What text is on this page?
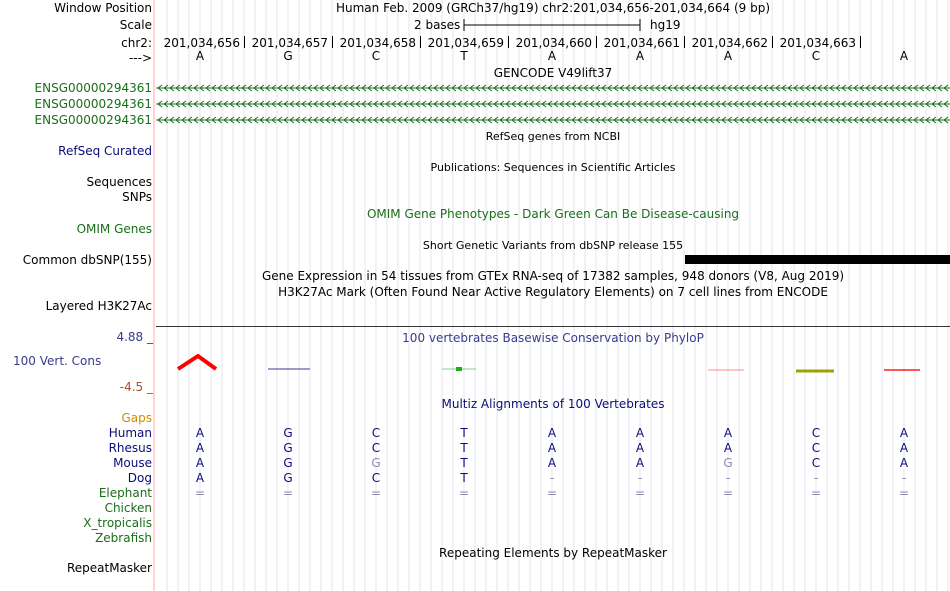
Window Position	Human Feb. 2009 (GRCh37/hg19) chr2:201,034,656-201,034,664 (9 bp)
Scale	2 bases	hg19
chr2: 201,034,656 201,034,657 201,034,658 201,034,659 201,034,660 201,034,661 201,034,662 201,034,663
--->	A	G	C	T	A	A	A	C	A
GENCODE V49lift37
ENSG00000294361
ENSG00000294361
ENSG00000294361
RefSeq genes from NCBI
RefSeq Curated
Publications: Sequences in Scientific Articles
Sequences
SNPs
OMIM Gene Phenotypes - Dark Green Can Be Disease-causing
OMIM Genes
Short Genetic Variants from dbSNP release 155
Common dbSNP(155)
Gene Expression in 54 tissues from GTEx RNA-seq of 17382 samples, 948 donors (V8, Aug 2019)
H3K27Ac Mark (Often Found Near Active Regulatory Elements) on 7 cell lines from ENCODE
Layered H3K27Ac
4.88 _	100 vertebrates Basewise Conservation by PhyloP
100 Vert. Cons
-4.5 _
Multiz Alignments of 100 Vertebrates
Gaps
Human	A	G	C	T	A	A	A	C	A
Rhesus	A	G	C	T	A	A	A	C	A
Mouse	A	G	G	T	A	A	G	C	A
Dog	A	G	C	T	-	-	-	-	-
Elephant	=	=	=	=	=	=	=	=	=
Chicken
X_tropicalis
Zebrafish
Repeating Elements by RepeatMasker
RepeatMasker
